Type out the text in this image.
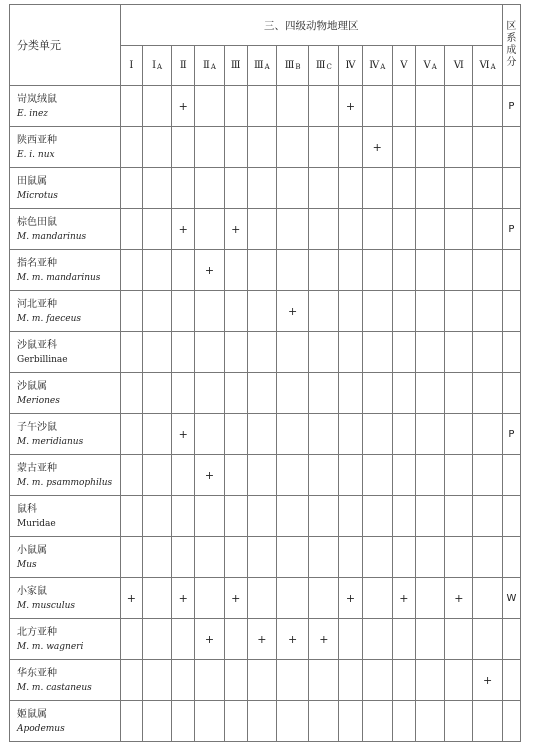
分类单元	三、四级动物地理区														区
系
成
分

	Ⅰ	ⅠA	Ⅱ	ⅡA	Ⅲ	ⅢA	ⅢB	ⅢC	Ⅳ	ⅣA	Ⅴ	ⅤA	Ⅵ	ⅥA	

岢岚绒鼠
E. inez			+						+						P

陕西亚种
E. i. nux										+					

田鼠属
Microtus															

棕色田鼠
M. mandarinus			+		+										P

指名亚种
M. m. mandarinus				+											

河北亚种
M. m. faeceus							+								

沙鼠亚科
Gerbillinae															

沙鼠属
Meriones															

子午沙鼠
M. meridianus			+												P

蒙古亚种
M. m. psammophilus				+											

鼠科
Muridae															

小鼠属
Mus															

小家鼠
M. musculus	+		+		+				+		+		+		W

北方亚种
M. m. wagneri				+		+	+	+							

华东亚种
M. m. castaneus														+	

姬鼠属
Apodemus															
